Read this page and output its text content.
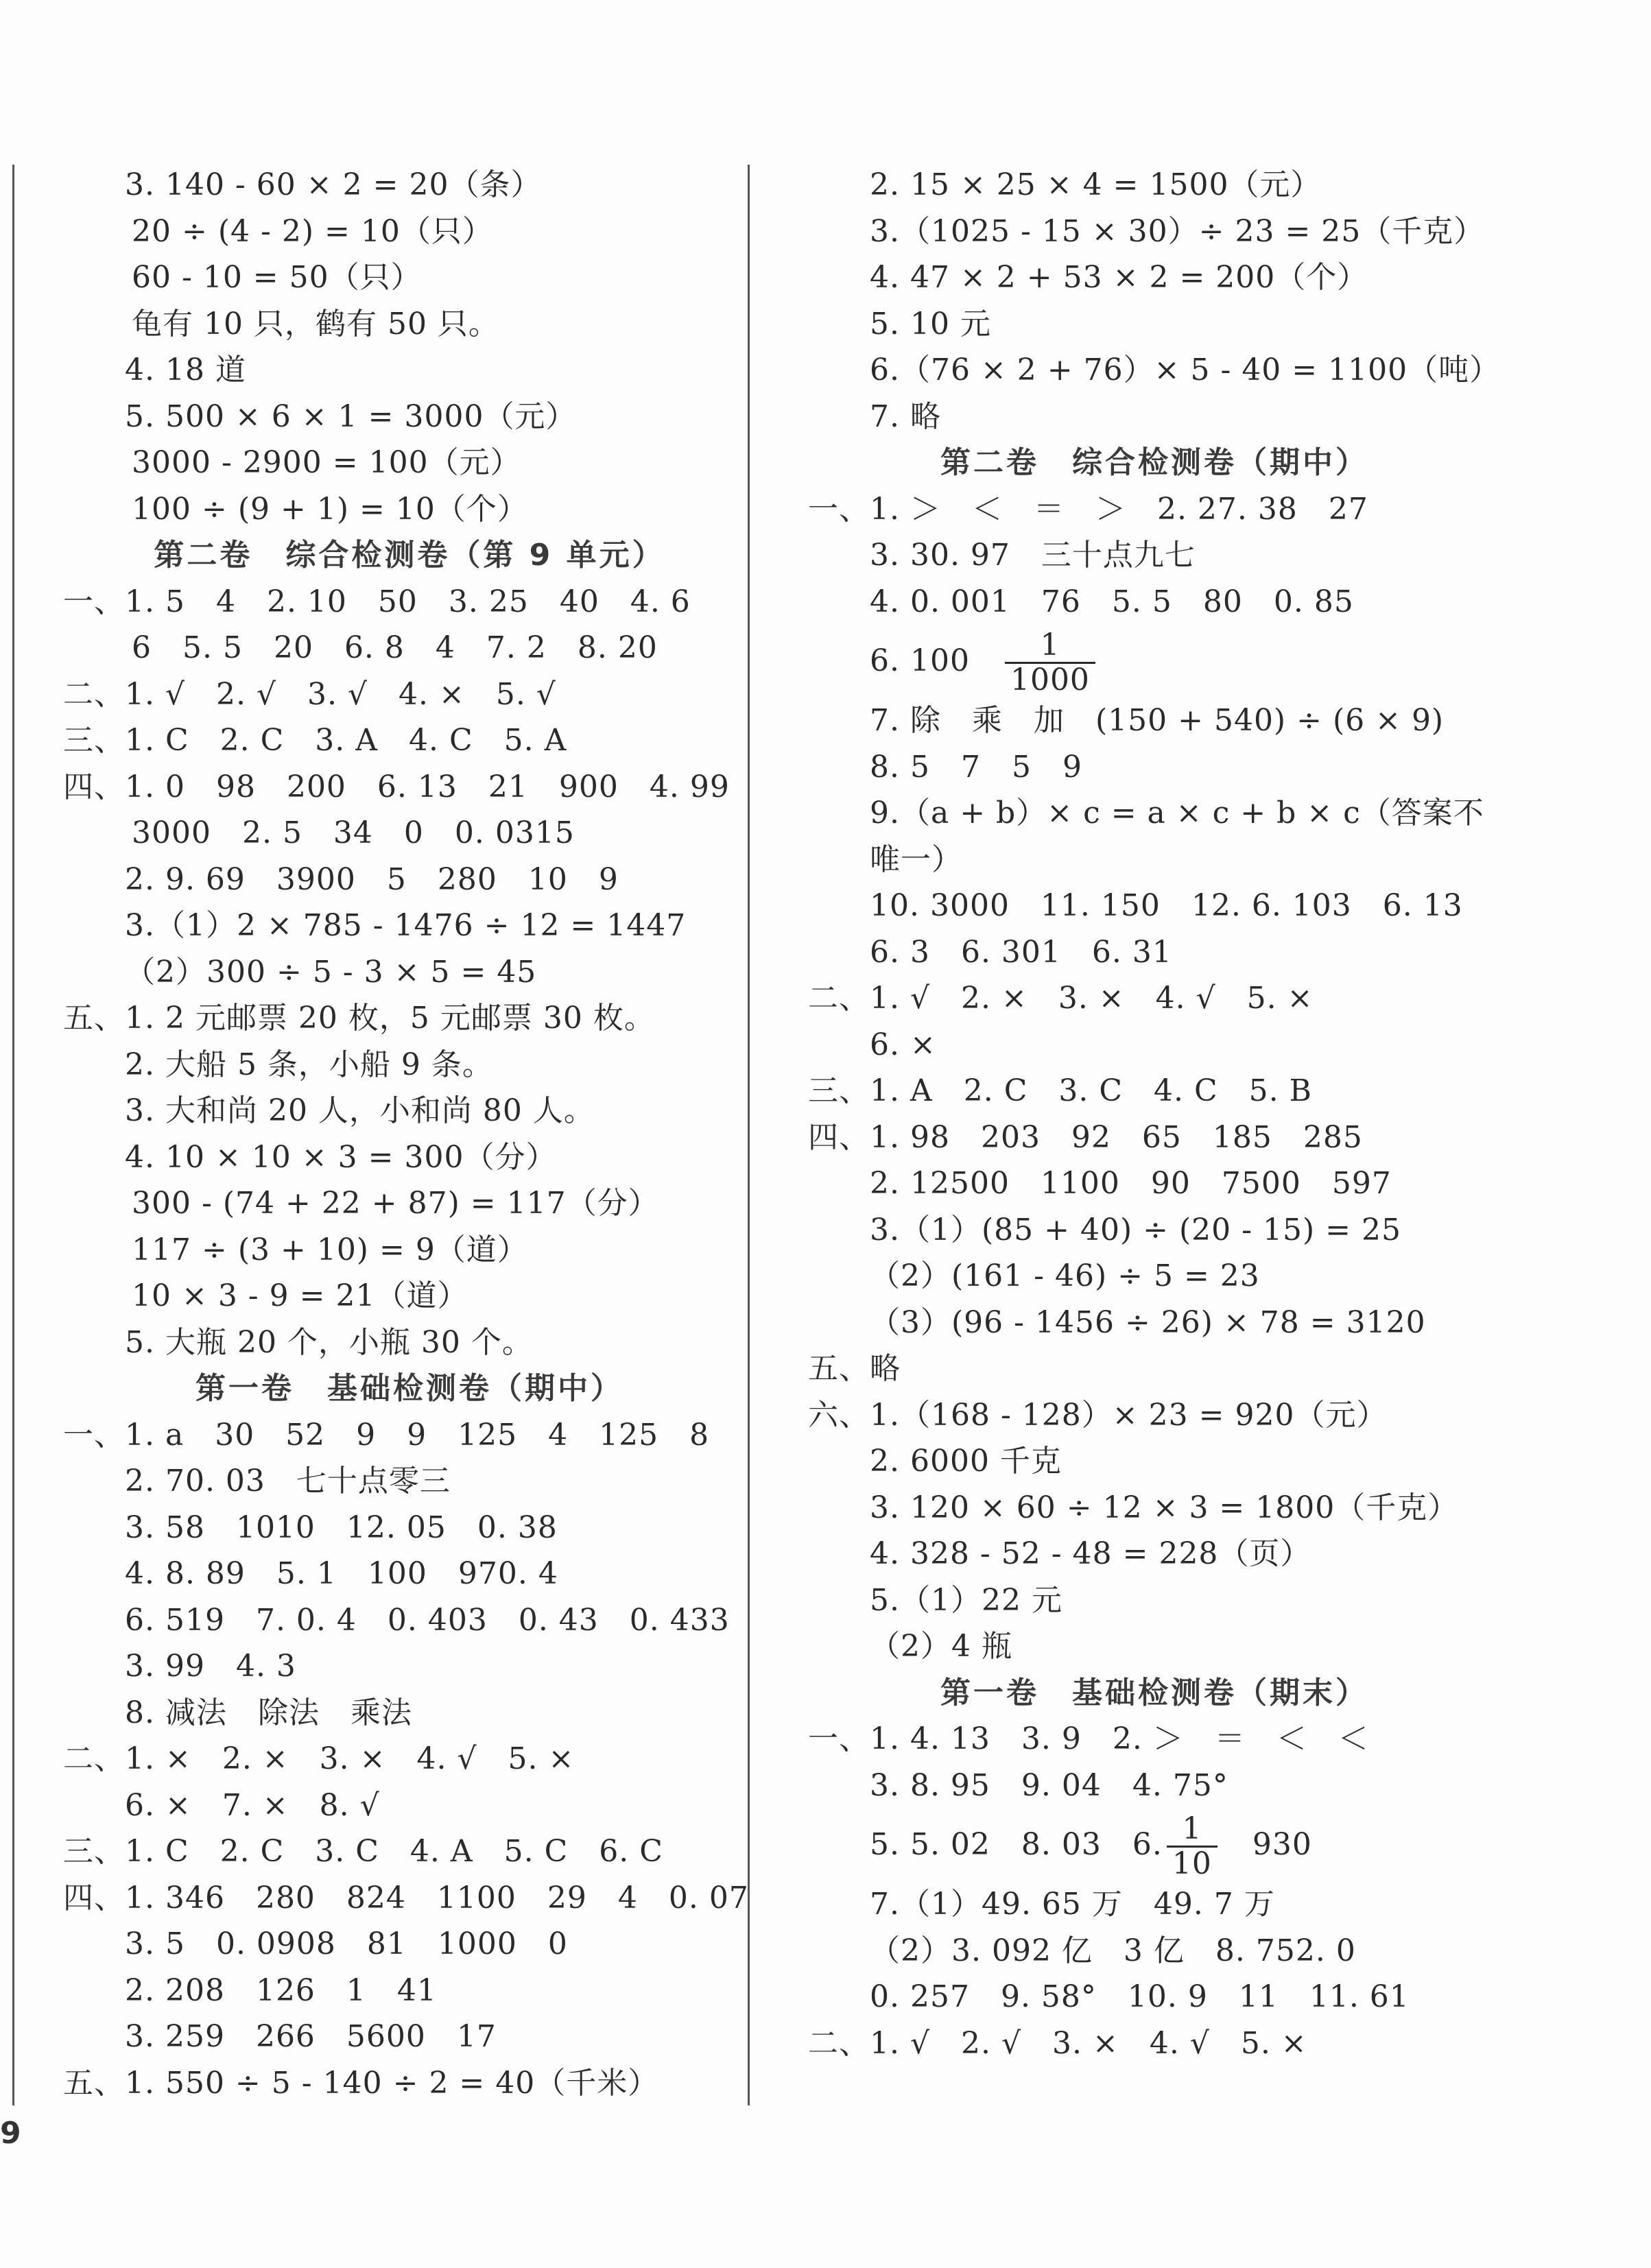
3. 140 - 60 × 2 = 20（条）
20 ÷ (4 - 2) = 10（只）
60 - 10 = 50（只）
龟有 10 只，鹤有 50 只。
4. 18 道
5. 500 × 6 × 1 = 3000（元）
3000 - 2900 = 100（元）
100 ÷ (9 + 1) = 10（个）
第二卷　综合检测卷（第 9 单元）
一、1. 5　4　2. 10　50　3. 25　40　4. 6
6　5. 5　20　6. 8　4　7. 2　8. 20
二、1. √　2. √　3. √　4. ×　5. √
三、1. C　2. C　3. A　4. C　5. A
四、1. 0　98　200　6. 13　21　900　4. 99
3000　2. 5　34　0　0. 0315
2. 9. 69　3900　5　280　10　9
3.（1）2 × 785 - 1476 ÷ 12 = 1447
（2）300 ÷ 5 - 3 × 5 = 45
五、1. 2 元邮票 20 枚，5 元邮票 30 枚。
2. 大船 5 条，小船 9 条。
3. 大和尚 20 人，小和尚 80 人。
4. 10 × 10 × 3 = 300（分）
300 - (74 + 22 + 87) = 117（分）
117 ÷ (3 + 10) = 9（道）
10 × 3 - 9 = 21（道）
5. 大瓶 20 个，小瓶 30 个。
第一卷　基础检测卷（期中）
一、1. a　30　52　9　9　125　4　125　8
2. 70. 03　七十点零三
3. 58　1010　12. 05　0. 38
4. 8. 89　5. 1　100　970. 4
6. 519　7. 0. 4　0. 403　0. 43　0. 433
3. 99　4. 3
8. 减法　除法　乘法
二、1. ×　2. ×　3. ×　4. √　5. ×
6. ×　7. ×　8. √
三、1. C　2. C　3. C　4. A　5. C　6. C
四、1. 346　280　824　1100　29　4　0. 07
3. 5　0. 0908　81　1000　0
2. 208　126　1　41
3. 259　266　5600　17
五、1. 550 ÷ 5 - 140 ÷ 2 = 40（千米）
2. 15 × 25 × 4 = 1500（元）
3.（1025 - 15 × 30）÷ 23 = 25（千克）
4. 47 × 2 + 53 × 2 = 200（个）
5. 10 元
6.（76 × 2 + 76）× 5 - 40 = 1100（吨）
7. 略
第二卷　综合检测卷（期中）
一、1. ＞　＜　＝　＞　2. 27. 38　27
3. 30. 97　三十点九七
4. 0. 001　76　5. 5　80　0. 85
6. 100　 $\frac{1}{1000}$
7. 除　乘　加　(150 + 540) ÷ (6 × 9)
8. 5　7　5　9
9.（a + b）× c = a × c + b × c（答案不
唯一）
10. 3000　11. 150　12. 6. 103　6. 13
6. 3　6. 301　6. 31
二、1. √　2. ×　3. ×　4. √　5. ×
6. ×
三、1. A　2. C　3. C　4. C　5. B
四、1. 98　203　92　65　185　285
2. 12500　1100　90　7500　597
3.（1）(85 + 40) ÷ (20 - 15) = 25
（2）(161 - 46) ÷ 5 = 23
（3）(96 - 1456 ÷ 26) × 78 = 3120
五、略
六、1.（168 - 128）× 23 = 920（元）
2. 6000 千克
3. 120 × 60 ÷ 12 × 3 = 1800（千克）
4. 328 - 52 - 48 = 228（页）
5.（1）22 元
（2）4 瓶
第一卷　基础检测卷（期末）
一、1. 4. 13　3. 9　2. ＞　＝　＜　＜
3. 8. 95　9. 04　4. 75°
5. 5. 02　8. 03　6. $\frac{1}{10}$
　 930
7.（1）49. 65 万　49. 7 万
（2）3. 092 亿　3 亿　8. 752. 0
0. 257　9. 58°　10. 9　11　11. 61
二、1. √　2. √　3. ×　4. √　5. ×
9
